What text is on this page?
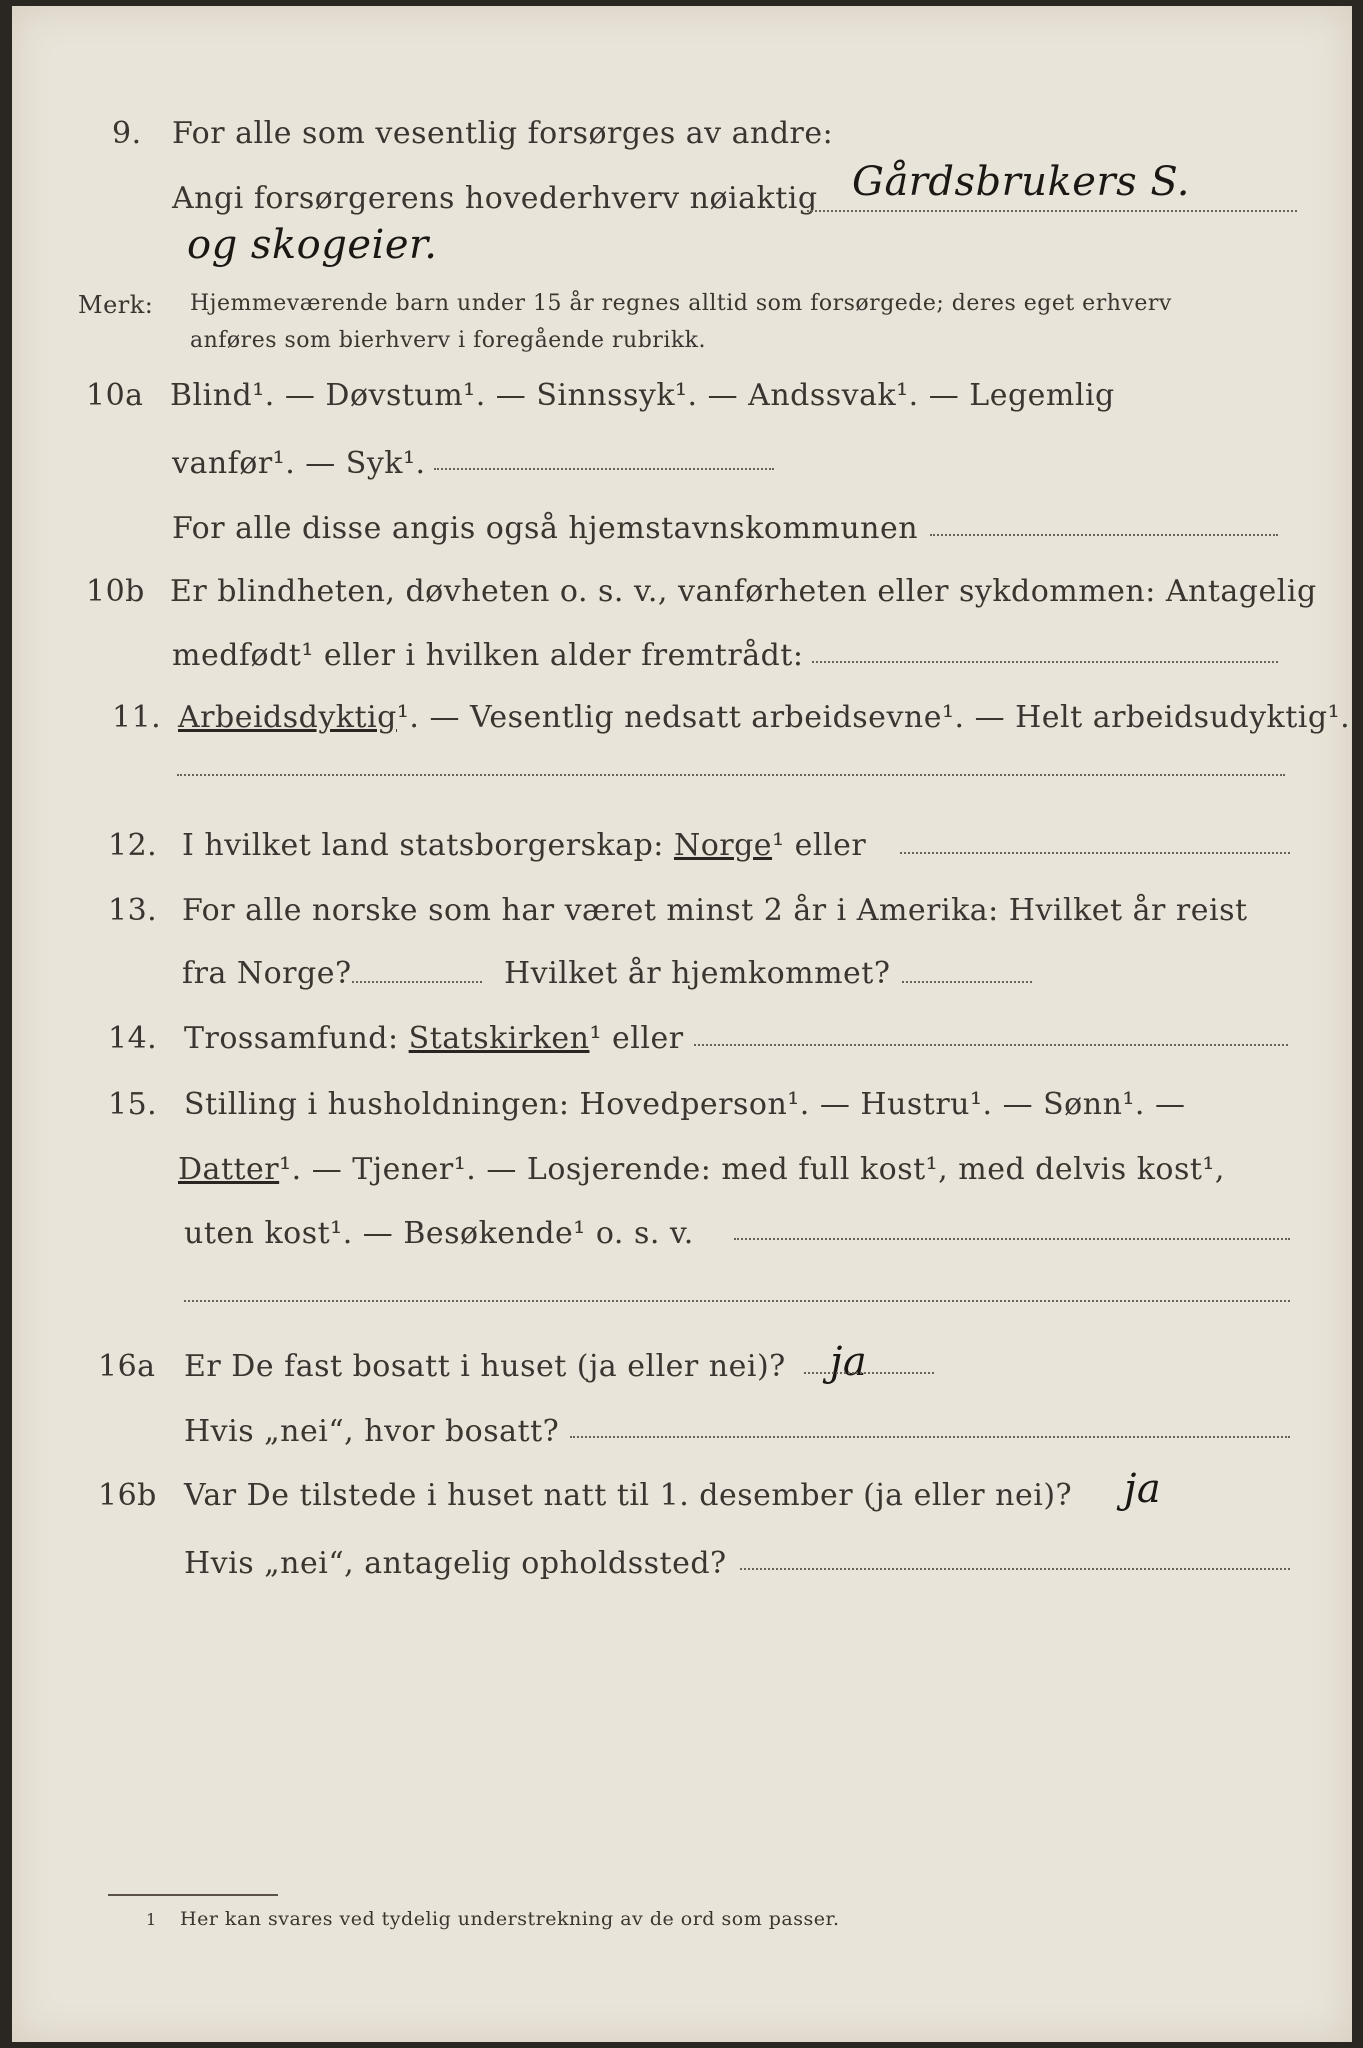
9. For alle som vesentlig forsørges av andre:
Angi forsørgerens hovederhverv nøiaktig Gårdsbrukers S.
og skogeier.
Merk: Hjemmeværende barn under 15 år regnes alltid som forsørgede; deres eget erhverv
anføres som bierhverv i foregående rubrikk.
10a Blind¹. — Døvstum¹. — Sinnssyk¹. — Andssvak¹. — Legemlig
vanfør¹. — Syk¹.
For alle disse angis også hjemstavnskommunen
10b Er blindheten, døvheten o. s. v., vanførheten eller sykdommen: Antagelig
medfødt¹ eller i hvilken alder fremtrådt:
11. Arbeidsdyktig¹. — Vesentlig nedsatt arbeidsevne¹. — Helt arbeidsudyktig¹.
12. I hvilket land statsborgerskap: Norge¹ eller
13. For alle norske som har været minst 2 år i Amerika: Hvilket år reist
fra Norge?	Hvilket år hjemkommet?
14. Trossamfund: Statskirken¹ eller
15. Stilling i husholdningen: Hovedperson¹. — Hustru¹. — Sønn¹. —
Datter¹. — Tjener¹. — Losjerende: med full kost¹, med delvis kost¹,
uten kost¹. — Besøkende¹ o. s. v.
16a Er De fast bosatt i huset (ja eller nei)? ja
Hvis „nei“, hvor bosatt?
16b Var De tilstede i huset natt til 1. desember (ja eller nei)? ja
Hvis „nei“, antagelig opholdssted?
1 Her kan svares ved tydelig understrekning av de ord som passer.
